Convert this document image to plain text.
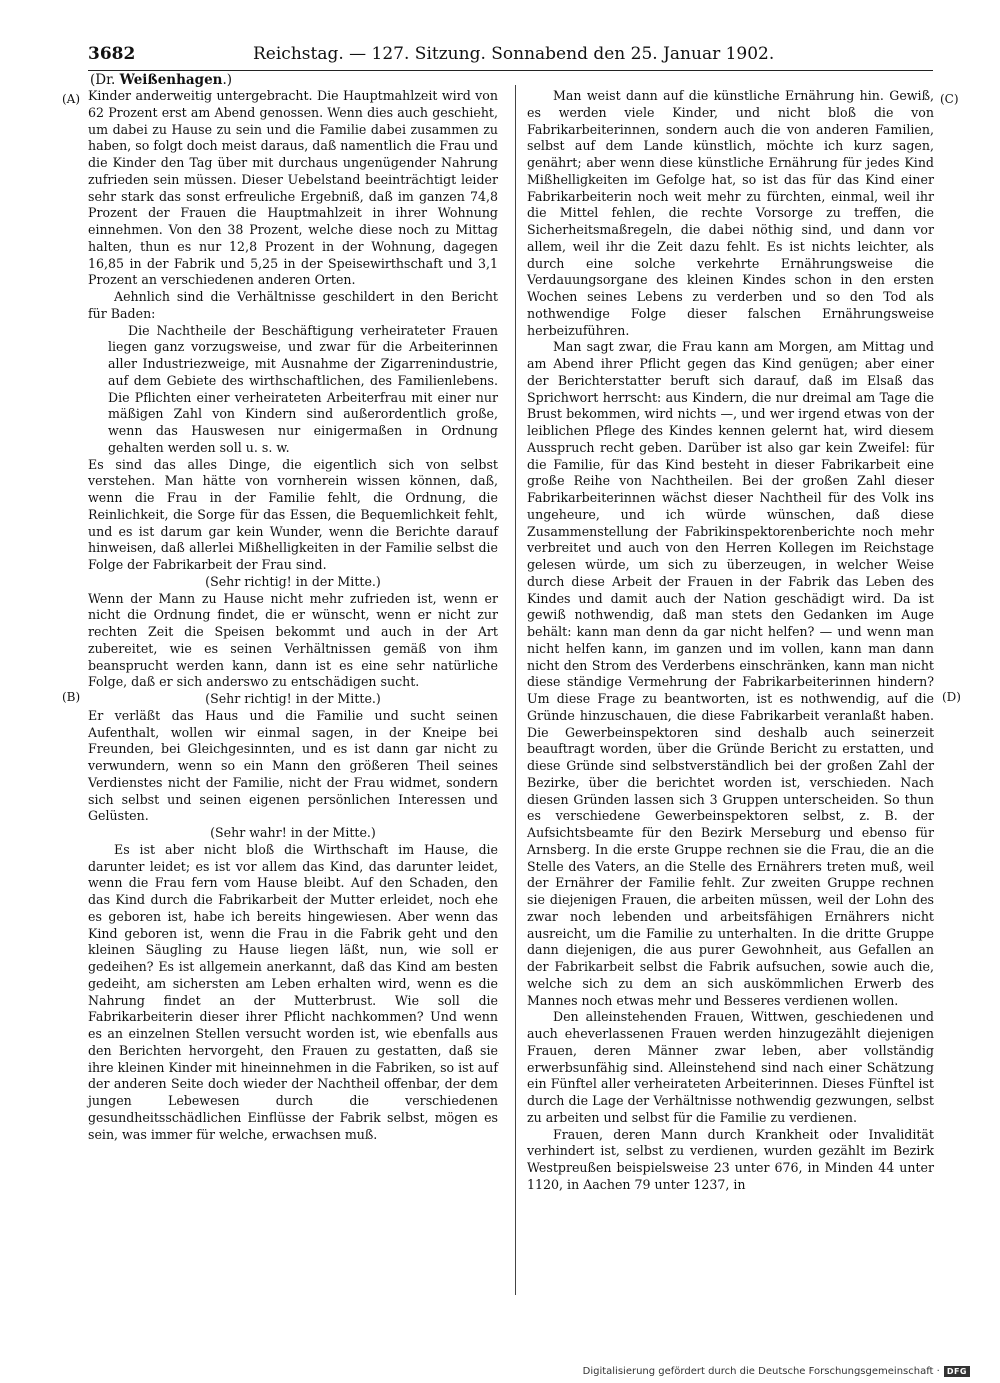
3682	Reichstag. — 127. Sitzung. Sonnabend den 25. Januar 1902.
(Dr. Weißenhagen.)
(A)
(B)
(C)
(D)

Kinder anderweitig untergebracht. Die Hauptmahlzeit wird von 62 Prozent erst am Abend genossen. Wenn dies auch geschieht, um dabei zu Hause zu sein und die Familie dabei zusammen zu haben, so folgt doch meist daraus, daß namentlich die Frau und die Kinder den Tag über mit durchaus ungenügender Nahrung zufrieden sein müssen. Dieser Uebelstand beeinträchtigt leider sehr stark das sonst erfreuliche Ergebniß, daß im ganzen 74,8 Prozent der Frauen die Hauptmahlzeit in ihrer Wohnung einnehmen. Von den 38 Prozent, welche diese noch zu Mittag halten, thun es nur 12,8 Prozent in der Wohnung, dagegen 16,85 in der Fabrik und 5,25 in der Speisewirthschaft und 3,1 Prozent an verschiedenen anderen Orten.

Aehnlich sind die Verhältnisse geschildert in den Bericht für Baden:

Die Nachtheile der Beschäftigung verheirateter Frauen liegen ganz vorzugsweise, und zwar für die Arbeiterinnen aller Industriezweige, mit Ausnahme der Zigarrenindustrie, auf dem Gebiete des wirthschaftlichen, des Familienlebens. Die Pflichten einer verheirateten Arbeiterfrau mit einer nur mäßigen Zahl von Kindern sind außerordentlich große, wenn das Hauswesen nur einigermaßen in Ordnung gehalten werden soll u. s. w.

Es sind das alles Dinge, die eigentlich sich von selbst verstehen. Man hätte von vornherein wissen können, daß, wenn die Frau in der Familie fehlt, die Ordnung, die Reinlichkeit, die Sorge für das Essen, die Bequemlichkeit fehlt, und es ist darum gar kein Wunder, wenn die Berichte darauf hinweisen, daß allerlei Mißhelligkeiten in der Familie selbst die Folge der Fabrikarbeit der Frau sind.

(Sehr richtig! in der Mitte.)

Wenn der Mann zu Hause nicht mehr zufrieden ist, wenn er nicht die Ordnung findet, die er wünscht, wenn er nicht zur rechten Zeit die Speisen bekommt und auch in der Art zubereitet, wie es seinen Verhältnissen gemäß von ihm beansprucht werden kann, dann ist es eine sehr natürliche Folge, daß er sich anderswo zu entschädigen sucht.

(Sehr richtig! in der Mitte.)

Er verläßt das Haus und die Familie und sucht seinen Aufenthalt, wollen wir einmal sagen, in der Kneipe bei Freunden, bei Gleichgesinnten, und es ist dann gar nicht zu verwundern, wenn so ein Mann den größeren Theil seines Verdienstes nicht der Familie, nicht der Frau widmet, sondern sich selbst und seinen eigenen persönlichen Interessen und Gelüsten.

(Sehr wahr! in der Mitte.)

Es ist aber nicht bloß die Wirthschaft im Hause, die darunter leidet; es ist vor allem das Kind, das darunter leidet, wenn die Frau fern vom Hause bleibt. Auf den Schaden, den das Kind durch die Fabrikarbeit der Mutter erleidet, noch ehe es geboren ist, habe ich bereits hingewiesen. Aber wenn das Kind geboren ist, wenn die Frau in die Fabrik geht und den kleinen Säugling zu Hause liegen läßt, nun, wie soll er gedeihen? Es ist allgemein anerkannt, daß das Kind am besten gedeiht, am sichersten am Leben erhalten wird, wenn es die Nahrung findet an der Mutterbrust. Wie soll die Fabrikarbeiterin dieser ihrer Pflicht nachkommen? Und wenn es an einzelnen Stellen versucht worden ist, wie ebenfalls aus den Berichten hervorgeht, den Frauen zu gestatten, daß sie ihre kleinen Kinder mit hineinnehmen in die Fabriken, so ist auf der anderen Seite doch wieder der Nachtheil offenbar, der dem jungen Lebewesen durch die verschiedenen gesundheitsschädlichen Einflüsse der Fabrik selbst, mögen es sein, was immer für welche, erwachsen muß.

Man weist dann auf die künstliche Ernährung hin. Gewiß, es werden viele Kinder, und nicht bloß die von Fabrikarbeiterinnen, sondern auch die von anderen Familien, selbst auf dem Lande künstlich, möchte ich kurz sagen, genährt; aber wenn diese künstliche Ernährung für jedes Kind Mißhelligkeiten im Gefolge hat, so ist das für das Kind einer Fabrikarbeiterin noch weit mehr zu fürchten, einmal, weil ihr die Mittel fehlen, die rechte Vorsorge zu treffen, die Sicherheitsmaßregeln, die dabei nöthig sind, und dann vor allem, weil ihr die Zeit dazu fehlt. Es ist nichts leichter, als durch eine solche verkehrte Ernährungsweise die Verdauungsorgane des kleinen Kindes schon in den ersten Wochen seines Lebens zu verderben und so den Tod als nothwendige Folge dieser falschen Ernährungsweise herbeizuführen.

Man sagt zwar, die Frau kann am Morgen, am Mittag und am Abend ihrer Pflicht gegen das Kind genügen; aber einer der Berichterstatter beruft sich darauf, daß im Elsaß das Sprichwort herrscht: aus Kindern, die nur dreimal am Tage die Brust bekommen, wird nichts —, und wer irgend etwas von der leiblichen Pflege des Kindes kennen gelernt hat, wird diesem Ausspruch recht geben. Darüber ist also gar kein Zweifel: für die Familie, für das Kind besteht in dieser Fabrikarbeit eine große Reihe von Nachtheilen. Bei der großen Zahl dieser Fabrikarbeiterinnen wächst dieser Nachtheil für des Volk ins ungeheure, und ich würde wünschen, daß diese Zusammenstellung der Fabrikinspektorenberichte noch mehr verbreitet und auch von den Herren Kollegen im Reichstage gelesen würde, um sich zu überzeugen, in welcher Weise durch diese Arbeit der Frauen in der Fabrik das Leben des Kindes und damit auch der Nation geschädigt wird. Da ist gewiß nothwendig, daß man stets den Gedanken im Auge behält: kann man denn da gar nicht helfen? — und wenn man nicht helfen kann, im ganzen und im vollen, kann man dann nicht den Strom des Verderbens einschränken, kann man nicht diese ständige Vermehrung der Fabrikarbeiterinnen hindern? Um diese Frage zu beantworten, ist es nothwendig, auf die Gründe hinzuschauen, die diese Fabrikarbeit veranlaßt haben. Die Gewerbeinspektoren sind deshalb auch seinerzeit beauftragt worden, über die Gründe Bericht zu erstatten, und diese Gründe sind selbstverständlich bei der großen Zahl der Bezirke, über die berichtet worden ist, verschieden. Nach diesen Gründen lassen sich 3 Gruppen unterscheiden. So thun es verschiedene Gewerbeinspektoren selbst, z. B. der Aufsichtsbeamte für den Bezirk Merseburg und ebenso für Arnsberg. In die erste Gruppe rechnen sie die Frau, die an die Stelle des Vaters, an die Stelle des Ernährers treten muß, weil der Ernährer der Familie fehlt. Zur zweiten Gruppe rechnen sie diejenigen Frauen, die arbeiten müssen, weil der Lohn des zwar noch lebenden und arbeitsfähigen Ernährers nicht ausreicht, um die Familie zu unterhalten. In die dritte Gruppe dann diejenigen, die aus purer Gewohnheit, aus Gefallen an der Fabrikarbeit selbst die Fabrik aufsuchen, sowie auch die, welche sich zu dem an sich auskömmlichen Erwerb des Mannes noch etwas mehr und Besseres verdienen wollen.

Den alleinstehenden Frauen, Wittwen, geschiedenen und auch eheverlassenen Frauen werden hinzugezählt diejenigen Frauen, deren Männer zwar leben, aber vollständig erwerbsunfähig sind. Alleinstehend sind nach einer Schätzung ein Fünftel aller verheirateten Arbeiterinnen. Dieses Fünftel ist durch die Lage der Verhältnisse nothwendig gezwungen, selbst zu arbeiten und selbst für die Familie zu verdienen.

Frauen, deren Mann durch Krankheit oder Invalidität verhindert ist, selbst zu verdienen, wurden gezählt im Bezirk Westpreußen beispielsweise 23 unter 676, in Minden 44 unter 1120, in Aachen 79 unter 1237, in

Digitalisierung gefördert durch die Deutsche Forschungsgemeinschaft · DFG
